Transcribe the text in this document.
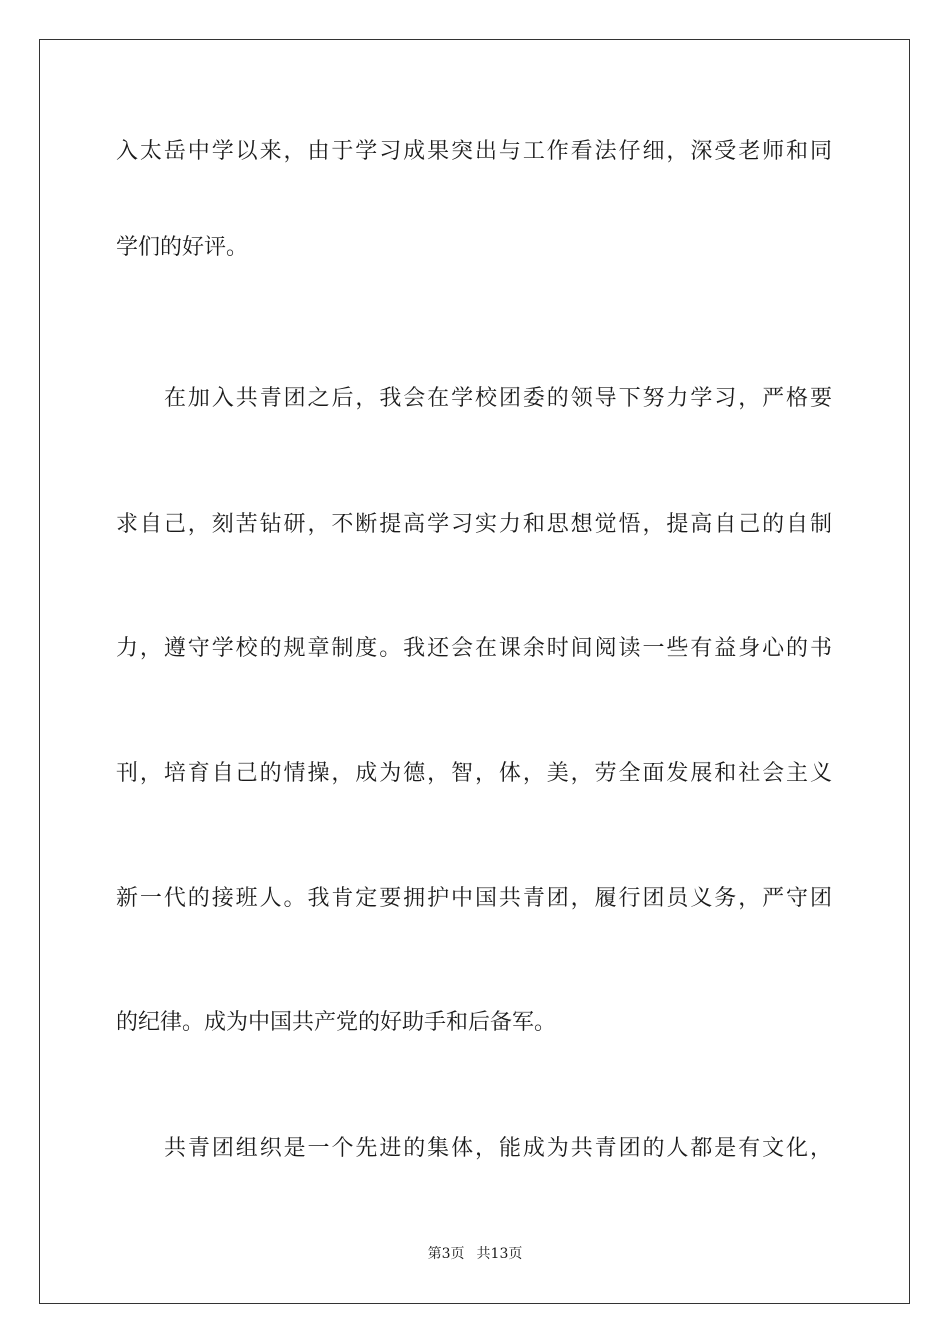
入太岳中学以来，由于学习成果突出与工作看法仔细，深受老师和同
学们的好评。
在加入共青团之后，我会在学校团委的领导下努力学习，严格要
求自己，刻苦钻研，不断提高学习实力和思想觉悟，提高自己的自制
力，遵守学校的规章制度。我还会在课余时间阅读一些有益身心的书
刊，培育自己的情操，成为德，智，体，美，劳全面发展和社会主义
新一代的接班人。我肯定要拥护中国共青团，履行团员义务，严守团
的纪律。成为中国共产党的好助手和后备军。
共青团组织是一个先进的集体，能成为共青团的人都是有文化，
第3页 共13页
